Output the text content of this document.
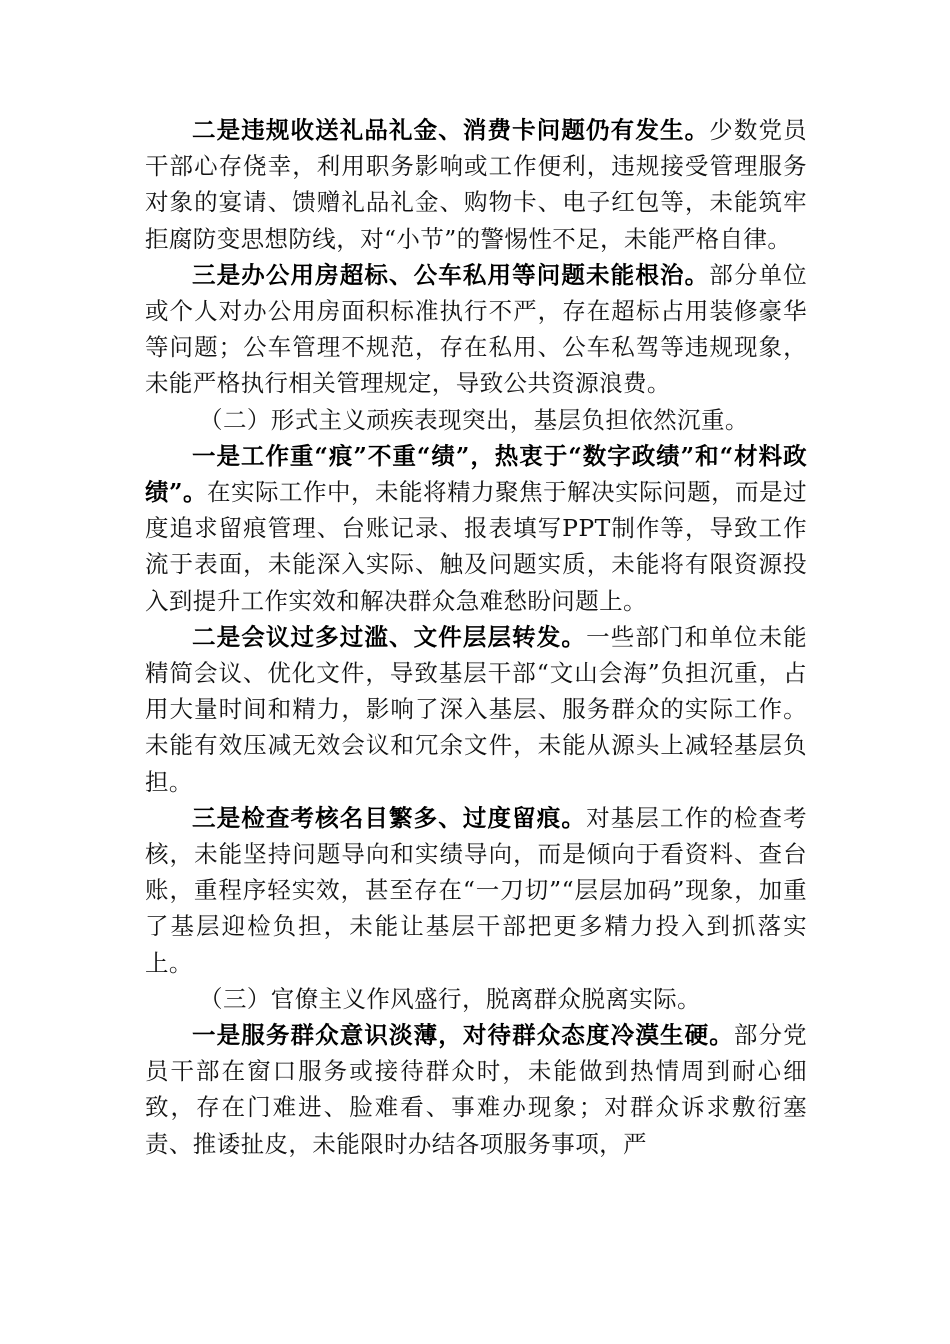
二是违规收送礼品礼金、消费卡问题仍有发生。少数党员干部心存侥幸，利用职务影响或工作便利，违规接受管理服务对象的宴请、馈赠礼品礼金、购物卡、电子红包等，未能筑牢拒腐防变思想防线，对“小节”的警惕性不足，未能严格自律。

三是办公用房超标、公车私用等问题未能根治。部分单位或个人对办公用房面积标准执行不严，存在超标占用装修豪华等问题；公车管理不规范，存在私用、公车私驾等违规现象，未能严格执行相关管理规定，导致公共资源浪费。

（二）形式主义顽疾表现突出，基层负担依然沉重。

一是工作重“痕”不重“绩”，热衷于“数字政绩”和“材料政绩”。在实际工作中，未能将精力聚焦于解决实际问题，而是过度追求留痕管理、台账记录、报表填写PPT制作等，导致工作流于表面，未能深入实际、触及问题实质，未能将有限资源投入到提升工作实效和解决群众急难愁盼问题上。

二是会议过多过滥、文件层层转发。一些部门和单位未能精简会议、优化文件，导致基层干部“文山会海”负担沉重，占用大量时间和精力，影响了深入基层、服务群众的实际工作。未能有效压减无效会议和冗余文件，未能从源头上减轻基层负担。

三是检查考核名目繁多、过度留痕。对基层工作的检查考核，未能坚持问题导向和实绩导向，而是倾向于看资料、查台账，重程序轻实效，甚至存在“一刀切”“层层加码”现象，加重了基层迎检负担，未能让基层干部把更多精力投入到抓落实上。

（三）官僚主义作风盛行，脱离群众脱离实际。

一是服务群众意识淡薄，对待群众态度冷漠生硬。部分党员干部在窗口服务或接待群众时，未能做到热情周到耐心细致，存在门难进、脸难看、事难办现象；对群众诉求敷衍塞责、推诿扯皮，未能限时办结各项服务事项，严
